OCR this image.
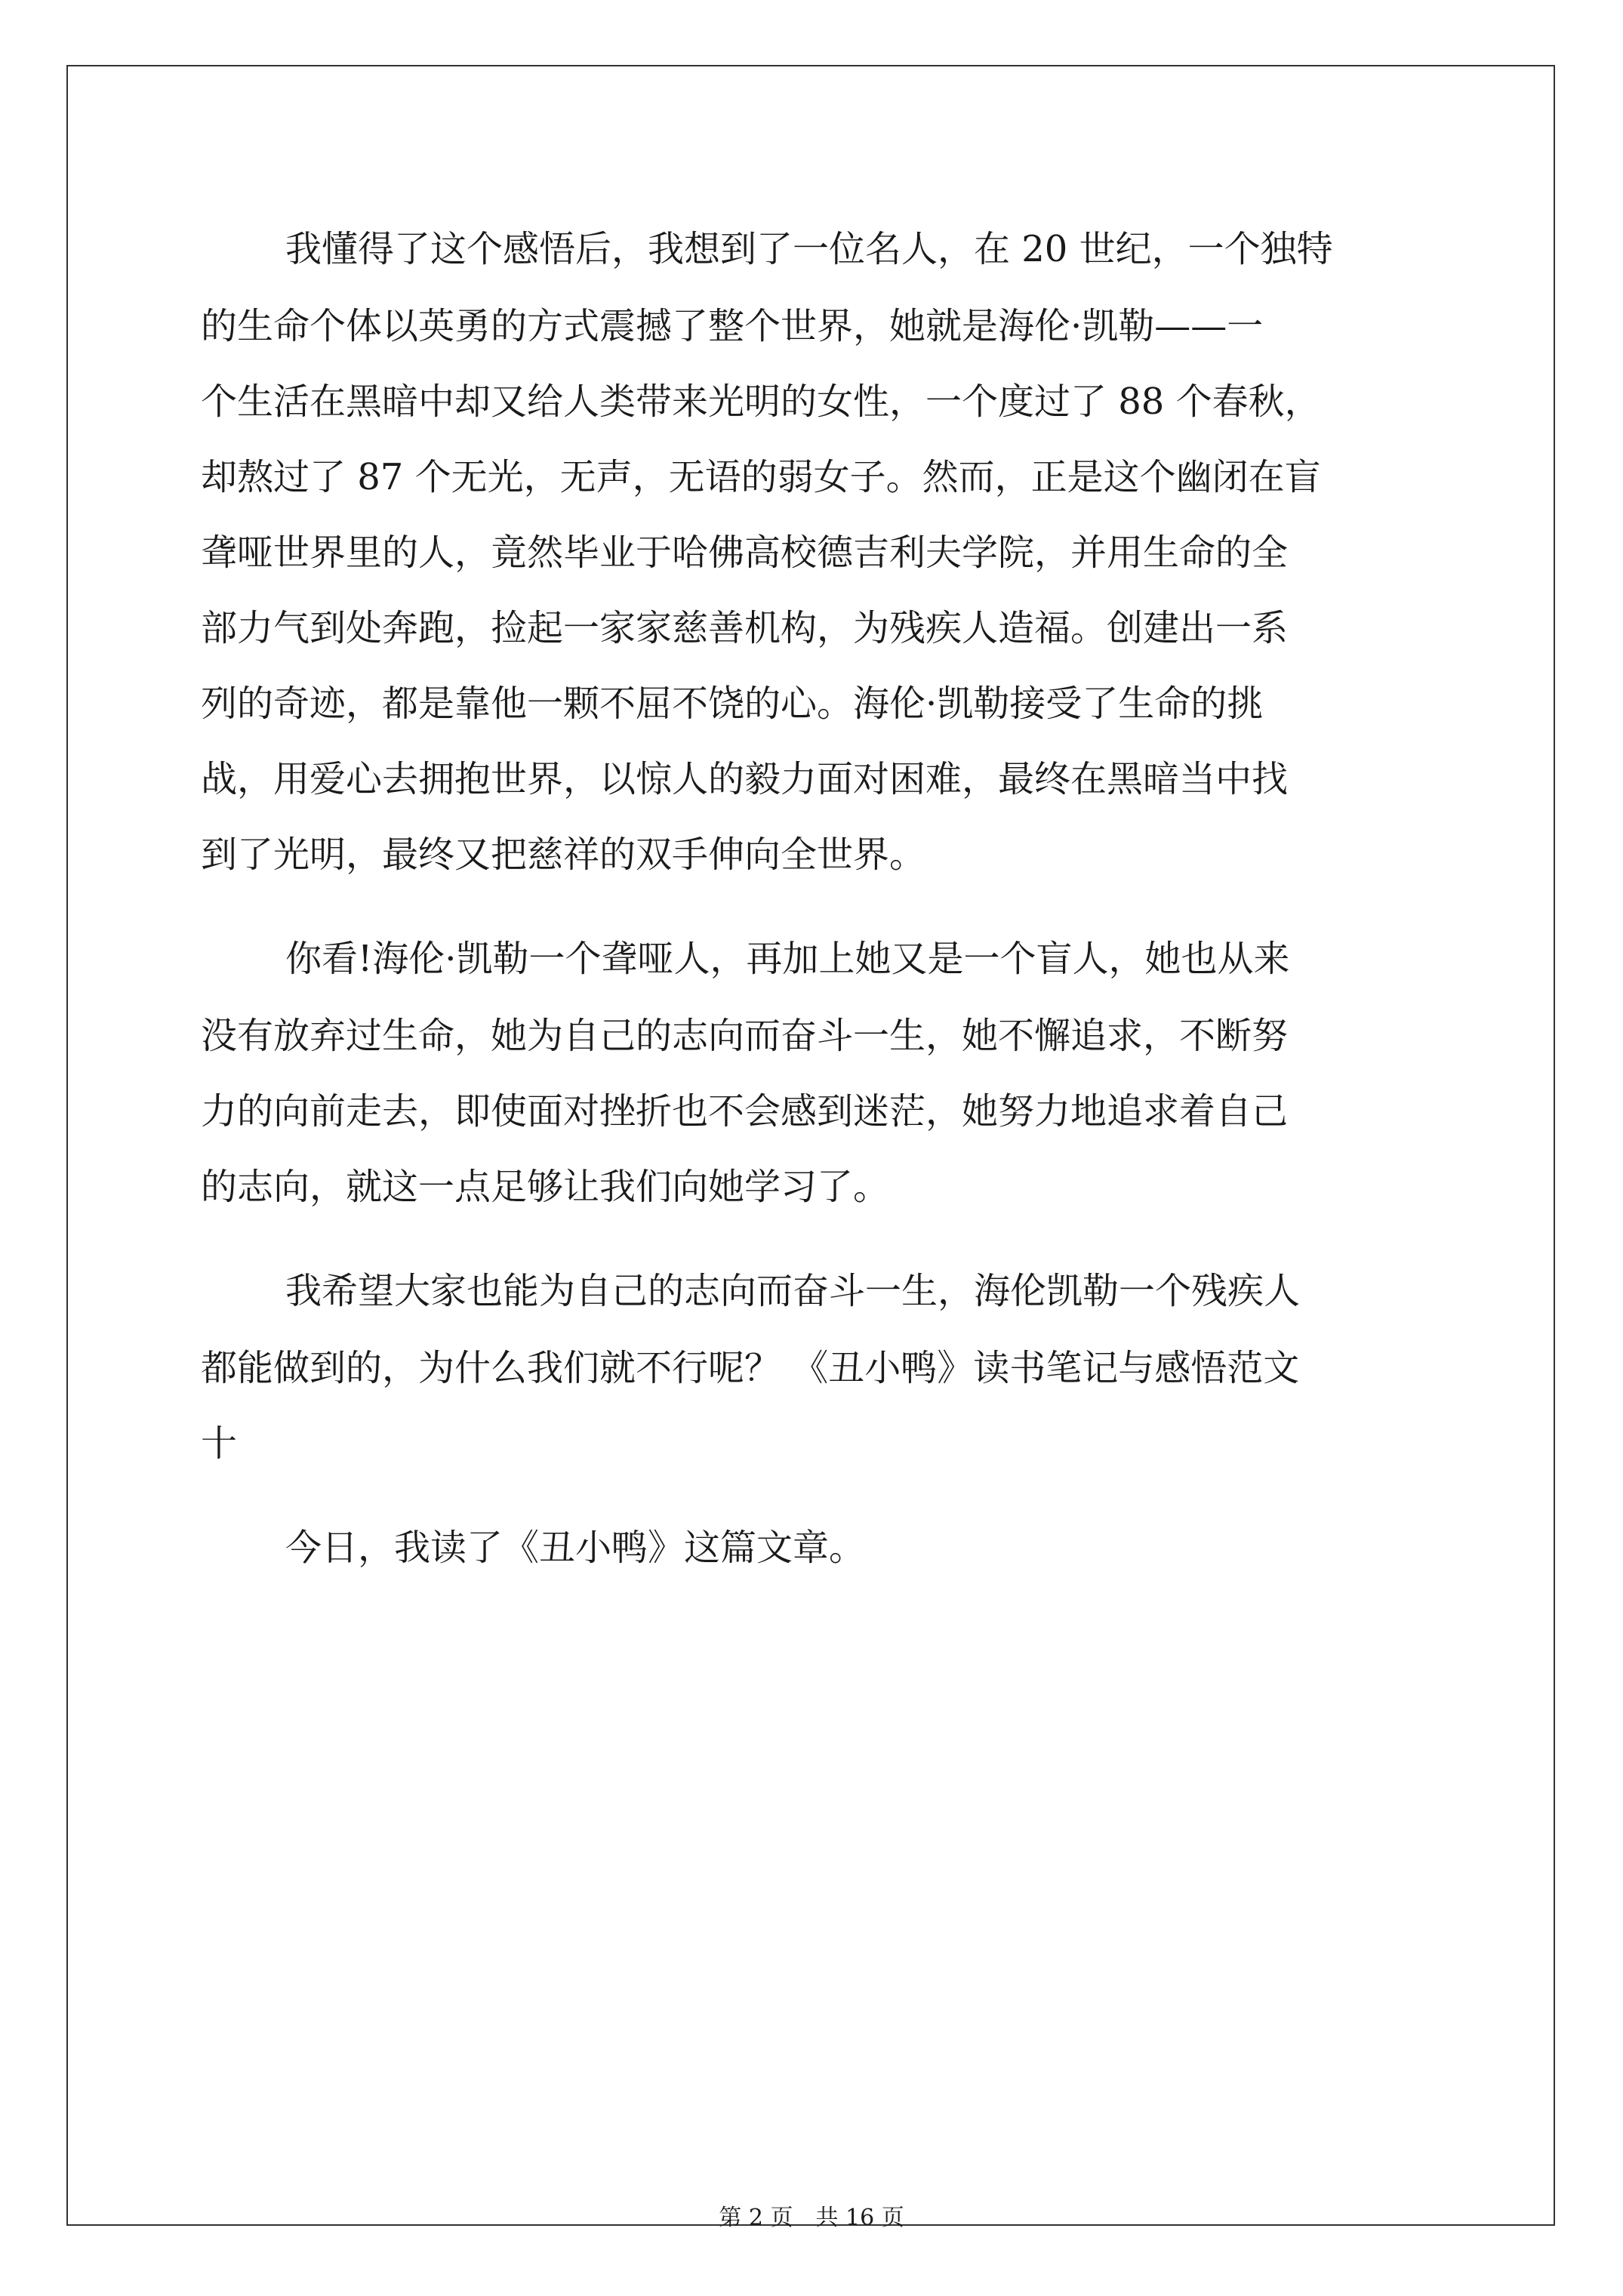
我懂得了这个感悟后，我想到了一位名人，在 20 世纪，一个独特
的生命个体以英勇的方式震撼了整个世界，她就是海伦·凯勒——一
个生活在黑暗中却又给人类带来光明的女性，一个度过了 88 个春秋，
却熬过了 87 个无光，无声，无语的弱女子。然而，正是这个幽闭在盲
聋哑世界里的人，竟然毕业于哈佛高校德吉利夫学院，并用生命的全
部力气到处奔跑，捡起一家家慈善机构，为残疾人造福。创建出一系
列的奇迹，都是靠他一颗不屈不饶的心。海伦·凯勒接受了生命的挑
战，用爱心去拥抱世界，以惊人的毅力面对困难，最终在黑暗当中找
到了光明，最终又把慈祥的双手伸向全世界。
你看!海伦·凯勒一个聋哑人，再加上她又是一个盲人，她也从来
没有放弃过生命，她为自己的志向而奋斗一生，她不懈追求，不断努
力的向前走去，即使面对挫折也不会感到迷茫，她努力地追求着自己
的志向，就这一点足够让我们向她学习了。
我希望大家也能为自己的志向而奋斗一生，海伦凯勒一个残疾人
都能做到的，为什么我们就不行呢？ 《丑小鸭》读书笔记与感悟范文
十
今日，我读了《丑小鸭》这篇文章。
第 2 页 共 16 页
